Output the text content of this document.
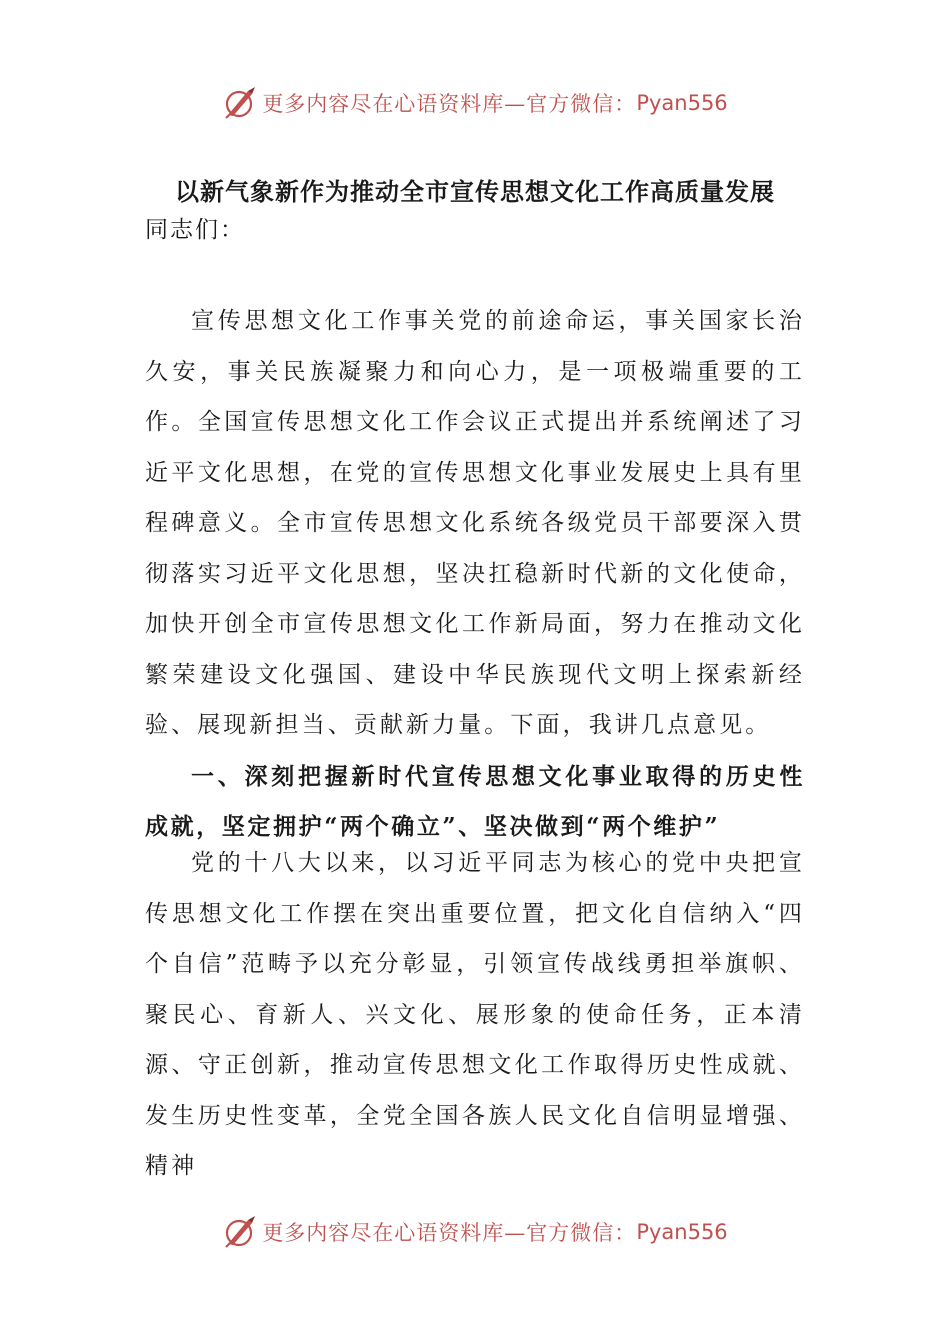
更多内容尽在心语资料库—官方微信： Pyan556
以新气象新作为推动全市宣传思想文化工作高质量发展
同志们：

宣传思想文化工作事关党的前途命运，事关国家长治久安，事关民族凝聚力和向心力，是一项极端重要的工作。全国宣传思想文化工作会议正式提出并系统阐述了习近平文化思想，在党的宣传思想文化事业发展史上具有里程碑意义。全市宣传思想文化系统各级党员干部要深入贯彻落实习近平文化思想，坚决扛稳新时代新的文化使命，加快开创全市宣传思想文化工作新局面，努力在推动文化繁荣建设文化强国、建设中华民族现代文明上探索新经验、展现新担当、贡献新力量。下面，我讲几点意见。

一、深刻把握新时代宣传思想文化事业取得的历史性成就，坚定拥护“两个确立”、坚决做到“两个维护”

党的十八大以来，以习近平同志为核心的党中央把宣传思想文化工作摆在突出重要位置，把文化自信纳入“四个自信”范畴予以充分彰显，引领宣传战线勇担举旗帜、聚民心、育新人、兴文化、展形象的使命任务，正本清源、守正创新，推动宣传思想文化工作取得历史性成就、发生历史性变革，全党全国各族人民文化自信明显增强、精神

更多内容尽在心语资料库—官方微信： Pyan556
